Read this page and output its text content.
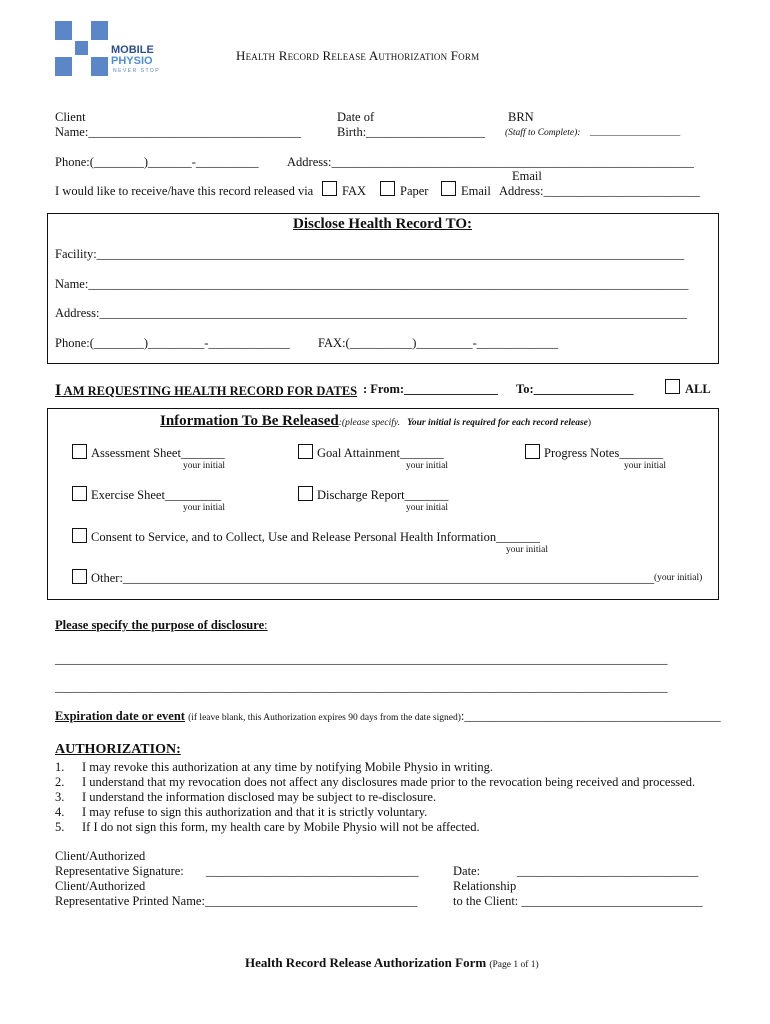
MOBILE
PHYSIO
NEVER STOP
Health Record Release Authorization Form
Client
Name:__________________________________
Date of
Birth:___________________
BRN
(Staff to Complete): ___________________
Phone:(________)_______-__________ Address:__________________________________________________________
Email
I would like to receive/have this record released via FAX	Paper	Email Address:_________________________
Disclose Health Record TO:
Facility:______________________________________________________________________________________________
Name:________________________________________________________________________________________________
Address:______________________________________________________________________________________________
Phone:(________)_________-_____________ FAX:(__________)_________-_____________
I AM REQUESTING HEALTH RECORD FOR DATES : From:_______________ To:________________	ALL
Information To Be Released:(please specify. Your initial is required for each record release)
Assessment Sheet_______
your initial
Goal Attainment_______
your initial
Progress Notes_______
your initial
Exercise Sheet_________
your initial
Discharge Report_______
your initial
Consent to Service, and to Collect, Use and Release Personal Health Information_______
your initial
Other:_____________________________________________________________________________________ (your initial)
Please specify the purpose of disclosure:
__________________________________________________________________________________________________
__________________________________________________________________________________________________
Expiration date or event (if leave blank, this Authorization expires 90 days from the date signed):_________________________________________
AUTHORIZATION:
1. I may revoke this authorization at any time by notifying Mobile Physio in writing.
2. I understand that my revocation does not affect any disclosures made prior to the revocation being received and processed.
3. I understand the information disclosed may be subject to re-disclosure.
4. I may refuse to sign this authorization and that it is strictly voluntary.
5. If I do not sign this form, my health care by Mobile Physio will not be affected.
Client/Authorized
Representative Signature: __________________________________
Client/Authorized
Representative Printed Name:__________________________________
Date:	_____________________________
Relationship
to the Client: _____________________________
Health Record Release Authorization Form (Page 1 of 1)
